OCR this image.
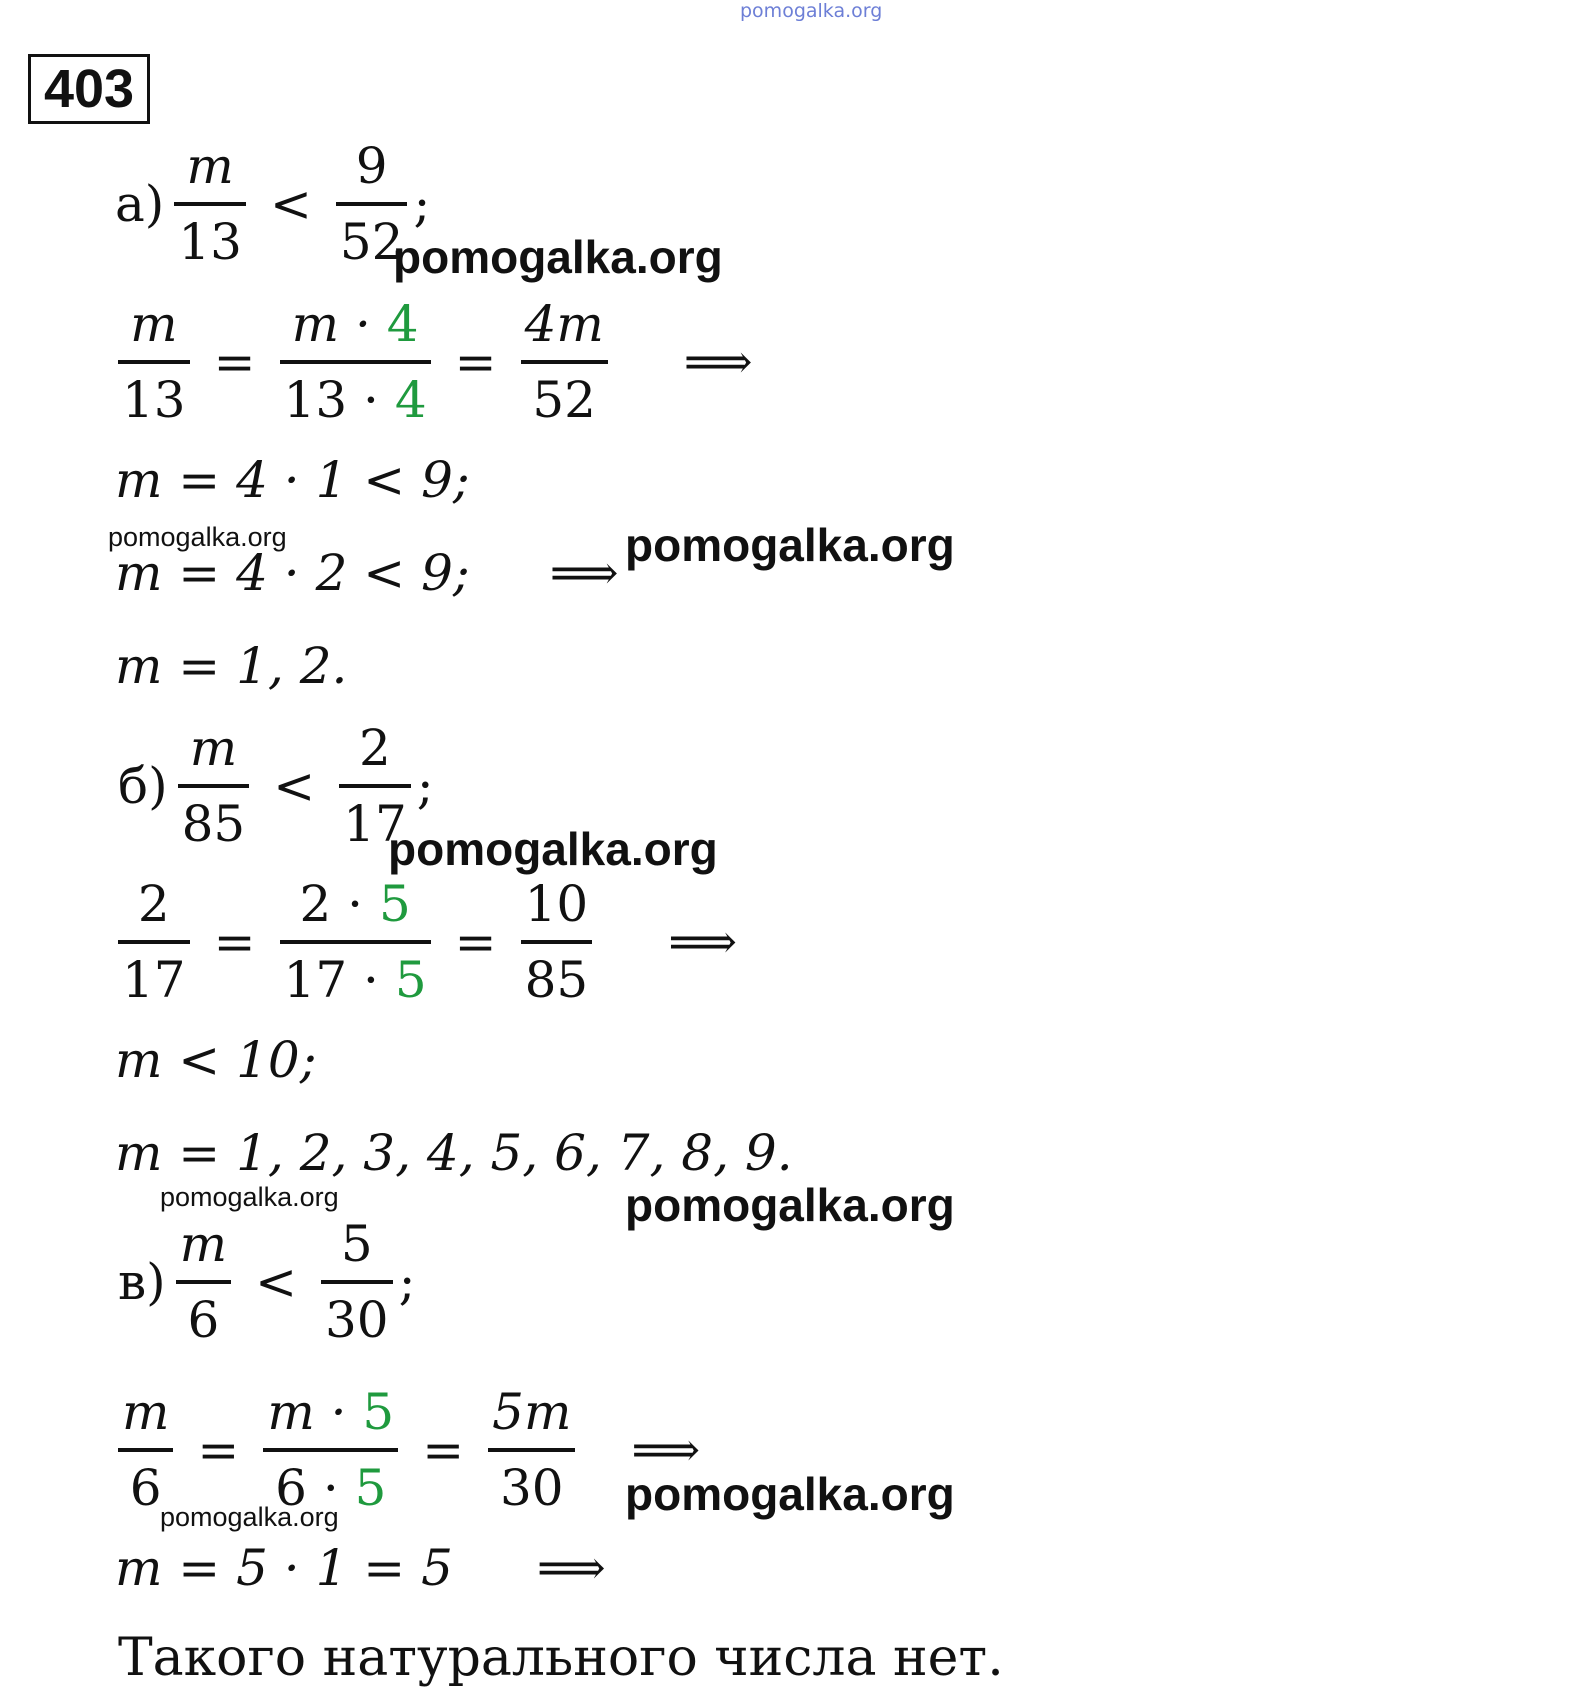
pomogalka.org
403
$а) \frac{m}{13} < \frac{9}{52}$ ;
pomogalka.org
$\frac{m}{13} = \frac{m \cdot 4}{13 \cdot 4} = \frac{4m}{52}$ ⟹
m = 4 · 1 < 9;
pomogalka.org
m = 4 · 2 < 9; ⟹ pomogalka.org
m = 1, 2.
$б) \frac{m}{85} < \frac{2}{17}$ ;
pomogalka.org
$\frac{2}{17} = \frac{2 \cdot 5}{17 \cdot 5} = \frac{10}{85}$ ⟹
m < 10;
m = 1, 2, 3, 4, 5, 6, 7, 8, 9.
pomogalka.org	pomogalka.org
$в) \frac{m}{6} < \frac{5}{30}$ ;
$\frac{m}{6} = \frac{m \cdot 5}{6 \cdot 5} = \frac{5m}{30}$ ⟹
pomogalka.org
pomogalka.org
m = 5 · 1 = 5 ⟹
Такого натурального числа нет.
